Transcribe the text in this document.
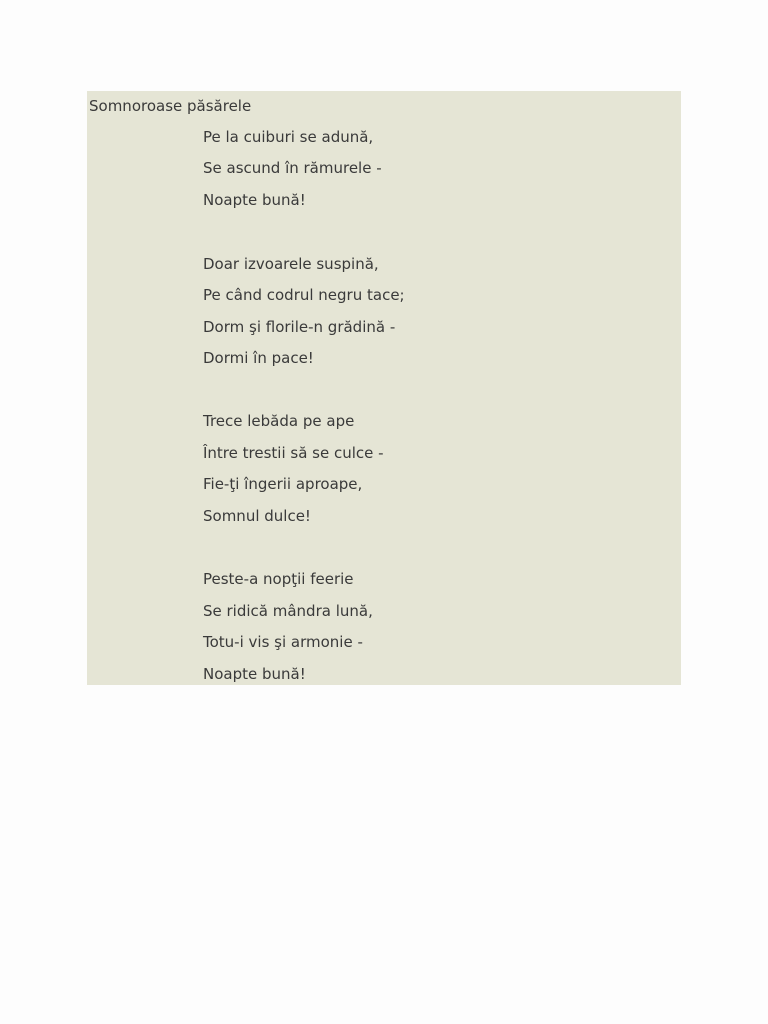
Somnoroase păsărele
Pe la cuiburi se adună,
Se ascund în rămurele -
Noapte bună!
Doar izvoarele suspină,
Pe când codrul negru tace;
Dorm şi florile-n grădină -
Dormi în pace!
Trece lebăda pe ape
Între trestii să se culce -
Fie-ţi îngerii aproape,
Somnul dulce!
Peste-a nopţii feerie
Se ridică mândra lună,
Totu-i vis şi armonie -
Noapte bună!
